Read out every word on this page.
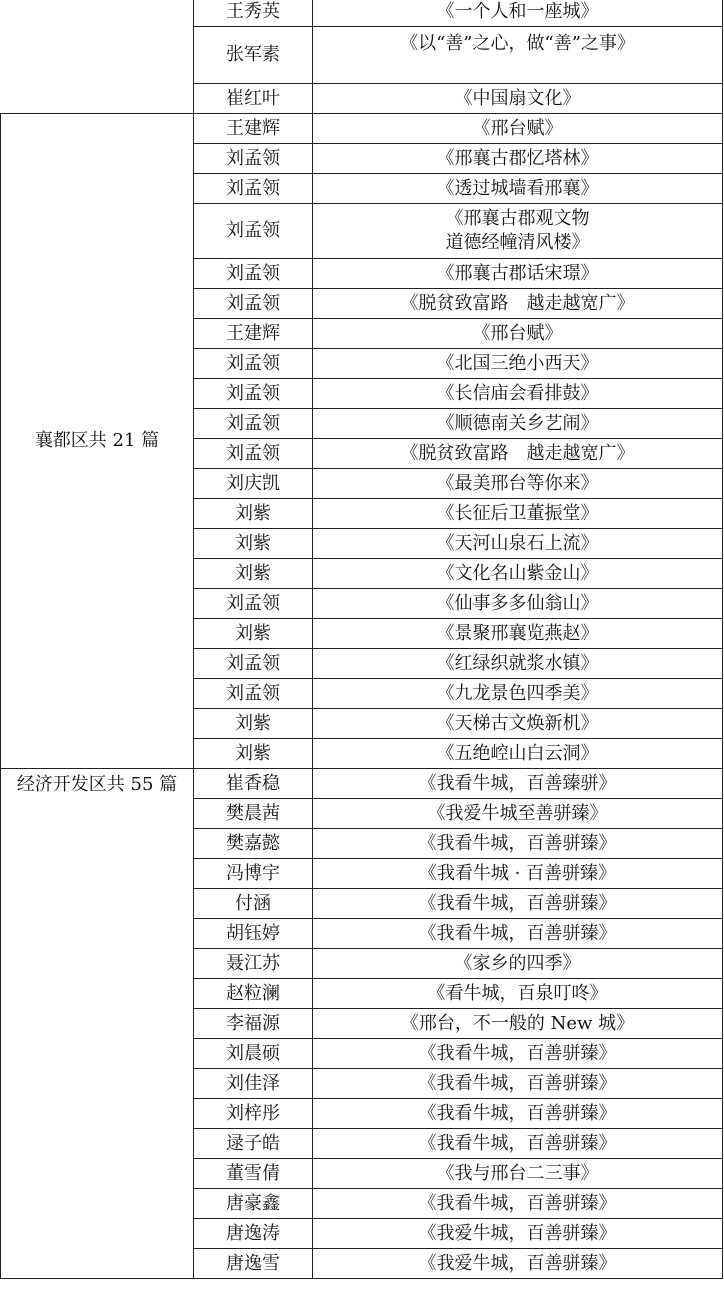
	王秀英	《一个人和一座城》
	张军素	《以“善”之心，做“善”之事》
	崔红叶	《中国扇文化》
襄都区共 21 篇	王建辉	《邢台赋》
	刘孟领	《邢襄古郡忆塔林》
	刘孟领	《透过城墙看邢襄》
	刘孟领	《邢襄古郡观文物
道德经幢清风楼》

	刘孟领	《邢襄古郡话宋璟》
	刘孟领	《脱贫致富路　越走越宽广》
	王建辉	《邢台赋》
	刘孟领	《北国三绝小西天》
	刘孟领	《长信庙会看排鼓》
	刘孟领	《顺德南关乡艺闹》
	刘孟领	《脱贫致富路　越走越宽广》
	刘庆凯	《最美邢台等你来》
	刘紫	《长征后卫董振堂》
	刘紫	《天河山泉石上流》
	刘紫	《文化名山紫金山》
	刘孟领	《仙事多多仙翁山》
	刘紫	《景聚邢襄览燕赵》
	刘孟领	《红绿织就浆水镇》
	刘孟领	《九龙景色四季美》
	刘紫	《天梯古文焕新机》
	刘紫	《五绝崆山白云洞》
经济开发区共 55 篇	崔香稳	《我看牛城，百善臻骈》
	樊晨茜	《我爱牛城至善骈臻》
	樊嘉懿	《我看牛城，百善骈臻》
	冯博宇	《我看牛城 · 百善骈臻》
	付涵	《我看牛城，百善骈臻》
	胡钰婷	《我看牛城，百善骈臻》
	聂江苏	《家乡的四季》
	赵粒澜	《看牛城，百泉叮咚》
	李福源	《邢台，不一般的 New 城》
	刘晨硕	《我看牛城，百善骈臻》
	刘佳泽	《我看牛城，百善骈臻》
	刘梓彤	《我看牛城，百善骈臻》
	逯子皓	《我看牛城，百善骈臻》
	董雪倩	《我与邢台二三事》
	唐豪鑫	《我看牛城，百善骈臻》
	唐逸涛	《我爱牛城，百善骈臻》
	唐逸雪	《我爱牛城，百善骈臻》
